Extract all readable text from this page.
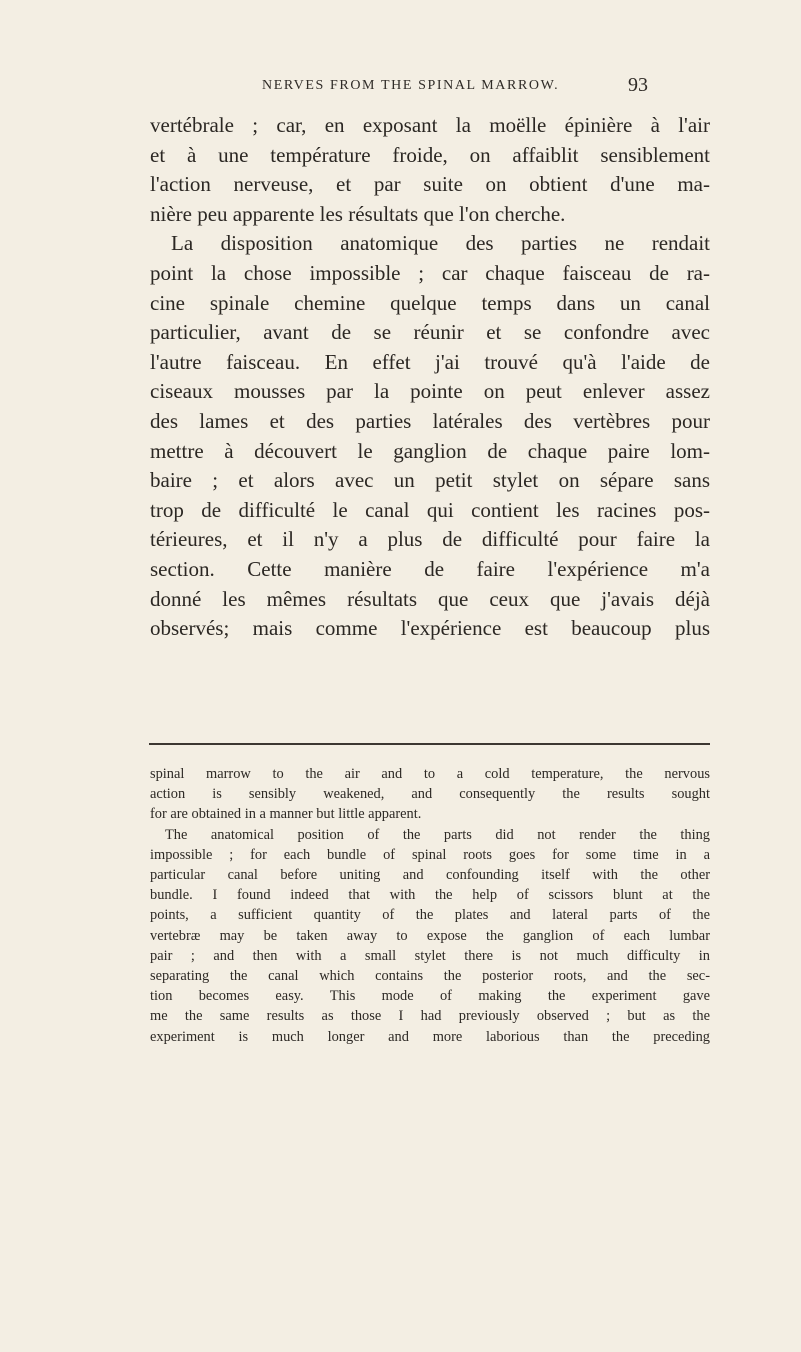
NERVES FROM THE SPINAL MARROW.	93
vertébrale ; car, en exposant la moëlle épinière à l'air
et à une température froide, on affaiblit sensiblement
l'action nerveuse, et par suite on obtient d'une ma-
nière peu apparente les résultats que l'on cherche.
La disposition anatomique des parties ne rendait
point la chose impossible ; car chaque faisceau de ra-
cine spinale chemine quelque temps dans un canal
particulier, avant de se réunir et se confondre avec
l'autre faisceau. En effet j'ai trouvé qu'à l'aide de
ciseaux mousses par la pointe on peut enlever assez
des lames et des parties latérales des vertèbres pour
mettre à découvert le ganglion de chaque paire lom-
baire ; et alors avec un petit stylet on sépare sans
trop de difficulté le canal qui contient les racines pos-
térieures, et il n'y a plus de difficulté pour faire la
section. Cette manière de faire l'expérience m'a
donné les mêmes résultats que ceux que j'avais déjà
observés; mais comme l'expérience est beaucoup plus
spinal marrow to the air and to a cold temperature, the nervous
action is sensibly weakened, and consequently the results sought
for are obtained in a manner but little apparent.
The anatomical position of the parts did not render the thing
impossible ; for each bundle of spinal roots goes for some time in a
particular canal before uniting and confounding itself with the other
bundle. I found indeed that with the help of scissors blunt at the
points, a sufficient quantity of the plates and lateral parts of the
vertebræ may be taken away to expose the ganglion of each lumbar
pair ; and then with a small stylet there is not much difficulty in
separating the canal which contains the posterior roots, and the sec-
tion becomes easy. This mode of making the experiment gave
me the same results as those I had previously observed ; but as the
experiment is much longer and more laborious than the preceding
